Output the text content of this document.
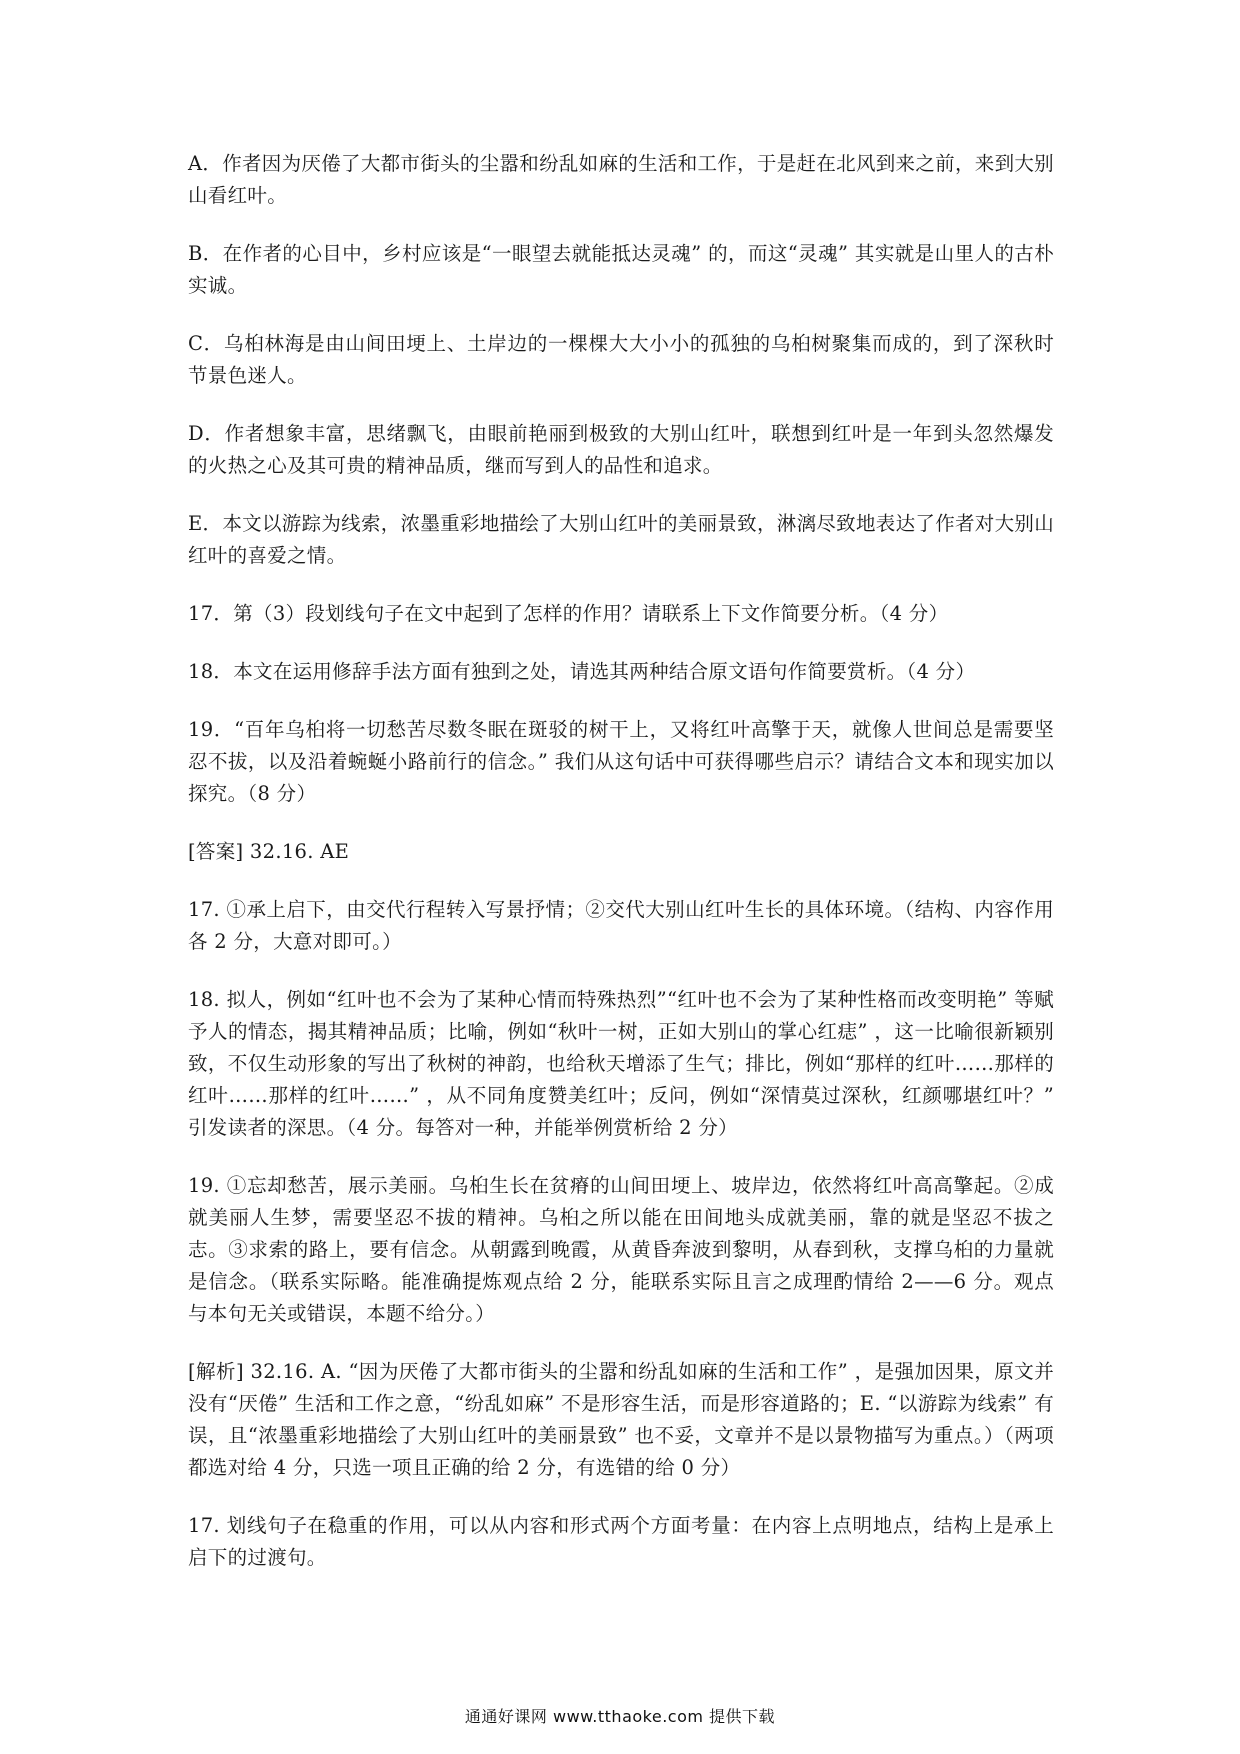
A．作者因为厌倦了大都市街头的尘嚣和纷乱如麻的生活和工作，于是赶在北风到来之前，来到大别山看红叶。

B．在作者的心目中，乡村应该是“一眼望去就能抵达灵魂” 的，而这“灵魂” 其实就是山里人的古朴实诚。

C．乌桕林海是由山间田埂上、土岸边的一棵棵大大小小的孤独的乌桕树聚集而成的，到了深秋时节景色迷人。

D．作者想象丰富，思绪飘飞，由眼前艳丽到极致的大别山红叶，联想到红叶是一年到头忽然爆发的火热之心及其可贵的精神品质，继而写到人的品性和追求。

E．本文以游踪为线索，浓墨重彩地描绘了大别山红叶的美丽景致，淋漓尽致地表达了作者对大别山红叶的喜爱之情。

17．第（3）段划线句子在文中起到了怎样的作用？请联系上下文作简要分析。（4 分）

18．本文在运用修辞手法方面有独到之处，请选其两种结合原文语句作简要赏析。（4 分）

19．“百年乌桕将一切愁苦尽数冬眠在斑驳的树干上，又将红叶高擎于天，就像人世间总是需要坚忍不拔，以及沿着蜿蜒小路前行的信念。” 我们从这句话中可获得哪些启示？请结合文本和现实加以探究。（8 分）

[答案] 32.16. AE

17. ①承上启下，由交代行程转入写景抒情；②交代大别山红叶生长的具体环境。（结构、内容作用各 2 分，大意对即可。）

18. 拟人，例如“红叶也不会为了某种心情而特殊热烈”“红叶也不会为了某种性格而改变明艳” 等赋予人的情态，揭其精神品质；比喻，例如“秋叶一树，正如大别山的掌心红痣” ，这一比喻很新颖别致，不仅生动形象的写出了秋树的神韵，也给秋天增添了生气；排比，例如“那样的红叶……那样的红叶……那样的红叶……” ，从不同角度赞美红叶；反问，例如“深情莫过深秋，红颜哪堪红叶？” 引发读者的深思。（4 分。每答对一种，并能举例赏析给 2 分）

19. ①忘却愁苦，展示美丽。乌桕生长在贫瘠的山间田埂上、坡岸边，依然将红叶高高擎起。②成就美丽人生梦，需要坚忍不拔的精神。乌桕之所以能在田间地头成就美丽，靠的就是坚忍不拔之志。③求索的路上，要有信念。从朝露到晚霞，从黄昏奔波到黎明，从春到秋，支撑乌桕的力量就是信念。（联系实际略。能准确提炼观点给 2 分，能联系实际且言之成理酌情给 2——6 分。观点与本句无关或错误，本题不给分。）

[解析] 32.16. A. “因为厌倦了大都市街头的尘嚣和纷乱如麻的生活和工作” ，是强加因果，原文并没有“厌倦” 生活和工作之意，“纷乱如麻” 不是形容生活，而是形容道路的；E. “以游踪为线索” 有误，且“浓墨重彩地描绘了大别山红叶的美丽景致” 也不妥，文章并不是以景物描写为重点。）（两项都选对给 4 分，只选一项且正确的给 2 分，有选错的给 0 分）

17. 划线句子在稳重的作用，可以从内容和形式两个方面考量：在内容上点明地点，结构上是承上启下的过渡句。

通通好课网 www.tthaoke.com 提供下载
